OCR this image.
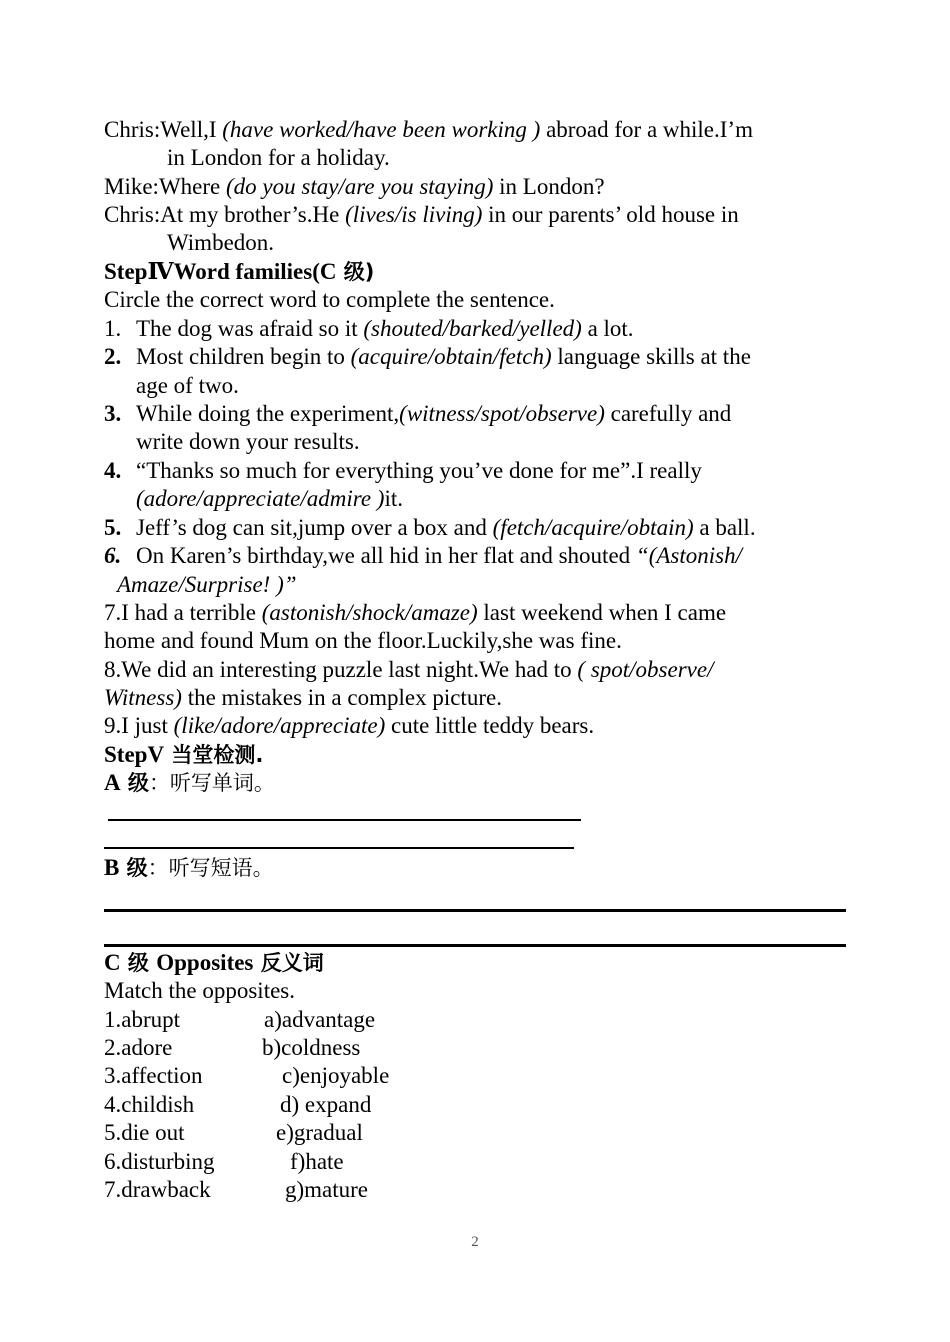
Chris:Well,I (have worked/have been working ) abroad for a while.I’m
in London for a holiday.
Mike:Where (do you stay/are you staying) in London?
Chris:At my brother’s.He (lives/is living) in our parents’ old house in
Wimbedon.
StepⅣWord families(C 级)
Circle the correct word to complete the sentence.
1. The dog was afraid so it (shouted/barked/yelled) a lot.
2. Most children begin to (acquire/obtain/fetch) language skills at the
age of two.
3. While doing the experiment,(witness/spot/observe) carefully and
write down your results.
4. “Thanks so much for everything you’ve done for me”.I really
(adore/appreciate/admire )it.
5. Jeff’s dog can sit,jump over a box and (fetch/acquire/obtain) a ball.
6. On Karen’s birthday,we all hid in her flat and shouted “(Astonish/
Amaze/Surprise! )”
7.I had a terrible (astonish/shock/amaze) last weekend when I came
home and found Mum on the floor.Luckily,she was fine.
8.We did an interesting puzzle last night.We had to ( spot/observe/
Witness) the mistakes in a complex picture.
9.I just (like/adore/appreciate) cute little teddy bears.
StepV 当堂检测.
A 级：听写单词。
B 级：听写短语。
C 级 Opposites 反义词
Match the opposites.
1.abrupt	a)advantage
2.adore	b)coldness
3.affection	c)enjoyable
4.childish	d) expand
5.die out	e)gradual
6.disturbing	f)hate
7.drawback	g)mature
2
